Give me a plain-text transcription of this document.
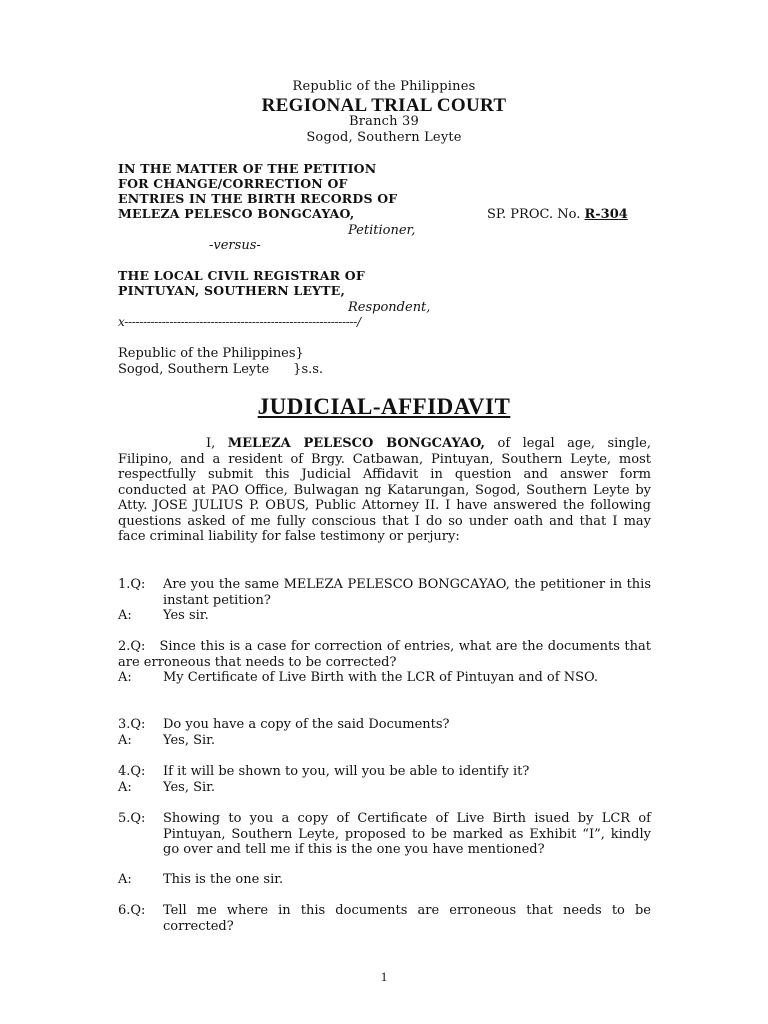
Republic of the Philippines
REGIONAL TRIAL COURT
Branch 39
Sogod, Southern Leyte
IN THE MATTER OF THE PETITION
FOR CHANGE/CORRECTION OF
ENTRIES IN THE BIRTH RECORDS OF
MELEZA PELESCO BONGCAYAO,	SP. PROC. No. R-304
Petitioner,
-versus-
THE LOCAL CIVIL REGISTRAR OF
PINTUYAN, SOUTHERN LEYTE,
Respondent,
x--------------------------------------------------------------/
Republic of the Philippines}
Sogod, Southern Leyte }s.s.
JUDICIAL-AFFIDAVIT
I, MELEZA PELESCO BONGCAYAO, of legal age, single, Filipino, and a resident of Brgy. Catbawan, Pintuyan, Southern Leyte, most respectfully submit this Judicial Affidavit in question and answer form conducted at PAO Office, Bulwagan ng Katarungan, Sogod, Southern Leyte by Atty. JOSE JULIUS P. OBUS, Public Attorney II. I have answered the following questions asked of me fully conscious that I do so under oath and that I may face criminal liability for false testimony or perjury:
1.Q: Are you the same MELEZA PELESCO BONGCAYAO, the petitioner in this instant petition?
A: Yes sir.
2.Q: Since this is a case for correction of entries, what are the documents that are erroneous that needs to be corrected?
A: My Certificate of Live Birth with the LCR of Pintuyan and of NSO.
3.Q: Do you have a copy of the said Documents?
A: Yes, Sir.
4.Q: If it will be shown to you, will you be able to identify it?
A: Yes, Sir.
5.Q: Showing to you a copy of Certificate of Live Birth isued by LCR of Pintuyan, Southern Leyte, proposed to be marked as Exhibit “I”, kindly go over and tell me if this is the one you have mentioned?
A: This is the one sir.
6.Q: Tell me where in this documents are erroneous that needs to be corrected?
1
